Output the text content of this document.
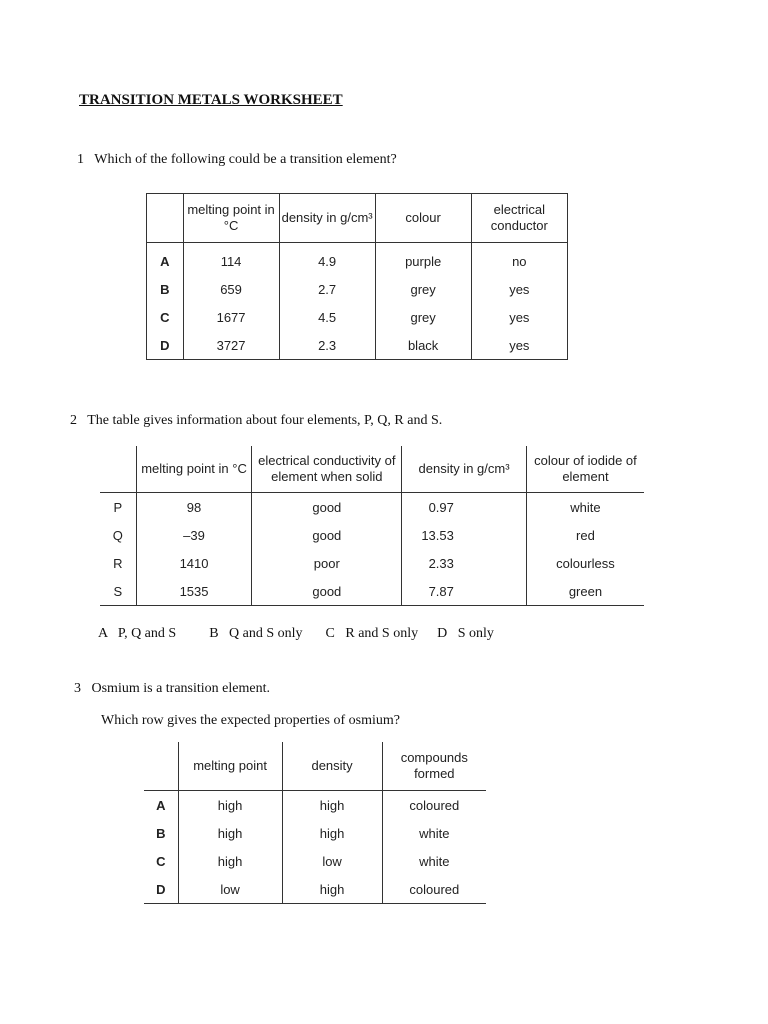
TRANSITION METALS WORKSHEET
1 Which of the following could be a transition element?
	melting point in °C	density in g/cm³	colour	electrical conductor
A	114	4.9	purple	no
B	659	2.7	grey	yes
C	1677	4.5	grey	yes
D	3727	2.3	black	yes
2 The table gives information about four elements, P, Q, R and S.
	melting point in °C	electrical conductivity of element when solid	density in g/cm³	colour of iodide of element
P	98	good	0.97	white
Q	–39	good	13.53	red
R	1410	poor	2.33	colourless
S	1535	good	7.87	green
A   P, Q and S B   Q and S only C   R and S only D   S only
3 Osmium is a transition element.
Which row gives the expected properties of osmium?
	melting point	density	compounds formed
A	high	high	coloured
B	high	high	white
C	high	low	white
D	low	high	coloured
